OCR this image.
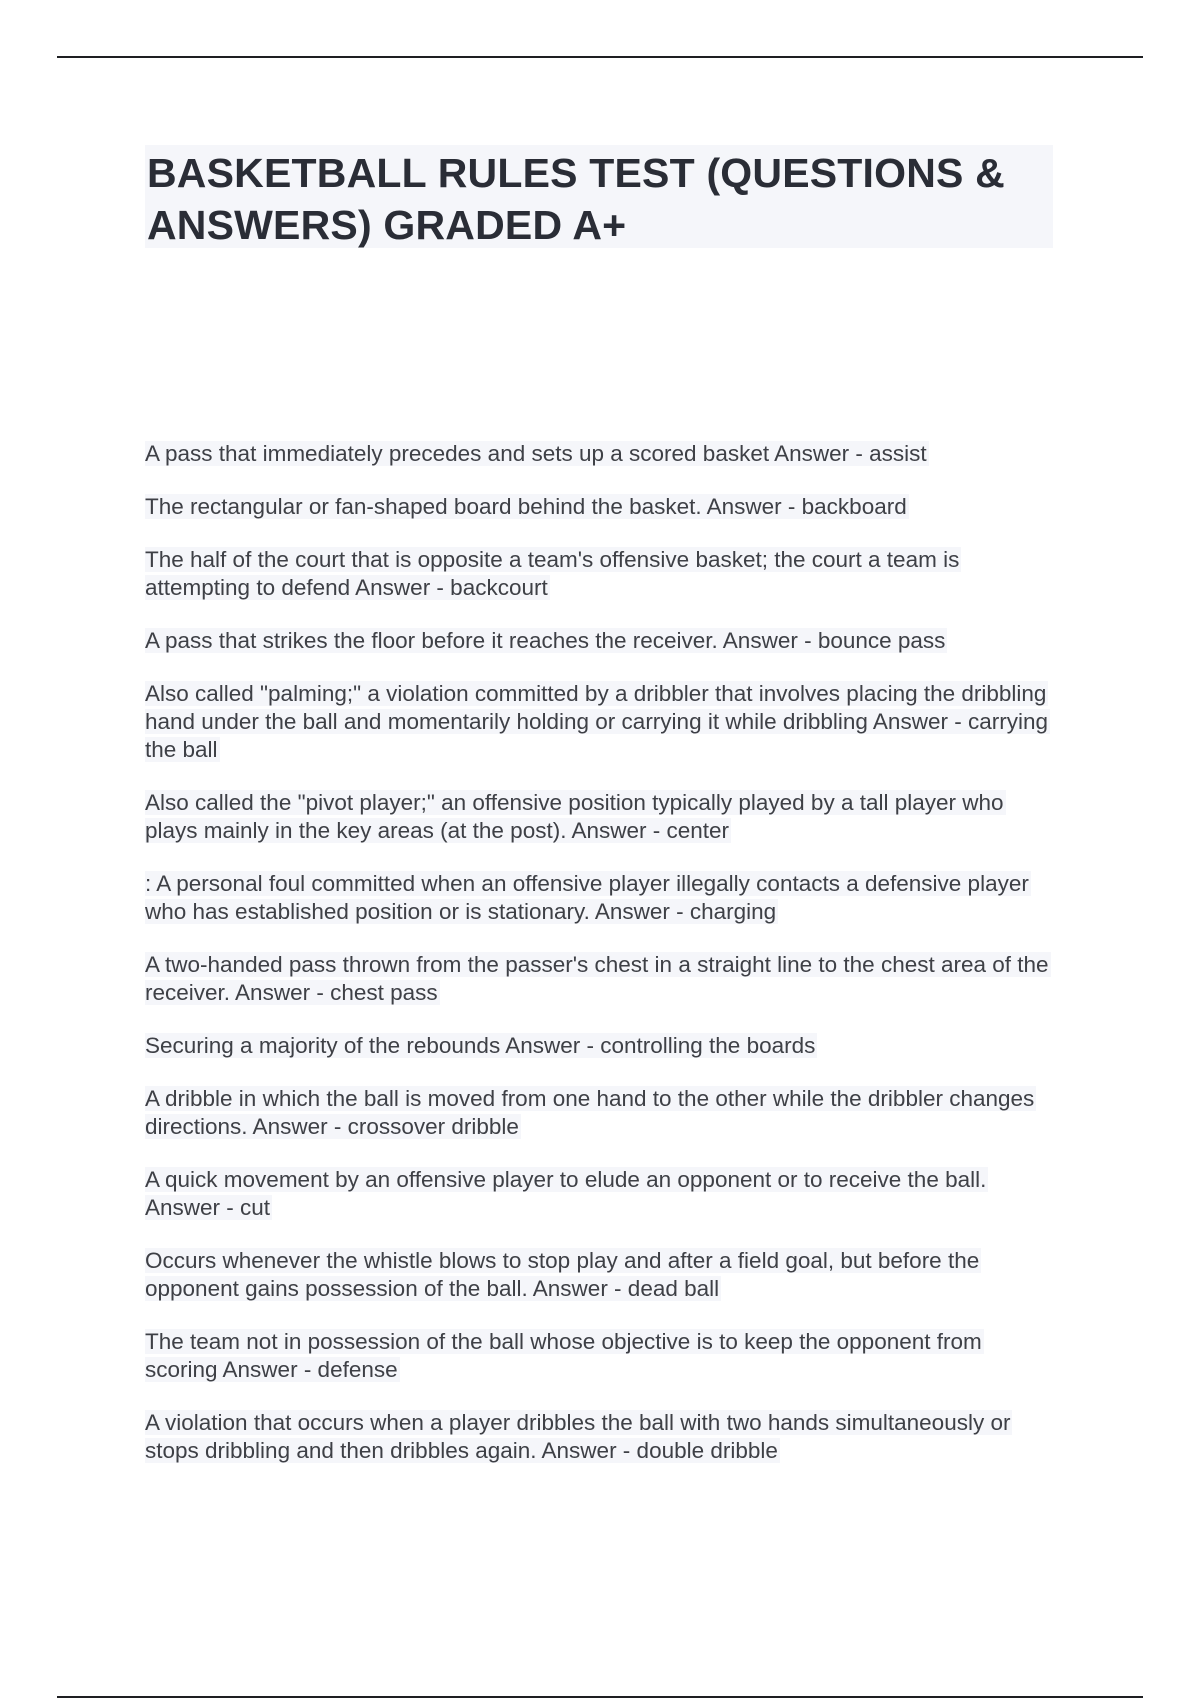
BASKETBALL RULES TEST (QUESTIONS & ANSWERS) GRADED A+
A pass that immediately precedes and sets up a scored basket Answer - assist
The rectangular or fan-shaped board behind the basket. Answer - backboard
The half of the court that is opposite a team's offensive basket; the court a team is attempting to defend Answer - backcourt
A pass that strikes the floor before it reaches the receiver. Answer - bounce pass
Also called "palming;" a violation committed by a dribbler that involves placing the dribbling hand under the ball and momentarily holding or carrying it while dribbling Answer - carrying the ball
Also called the "pivot player;" an offensive position typically played by a tall player who plays mainly in the key areas (at the post). Answer - center
: A personal foul committed when an offensive player illegally contacts a defensive player who has established position or is stationary. Answer - charging
A two-handed pass thrown from the passer's chest in a straight line to the chest area of the receiver. Answer - chest pass
Securing a majority of the rebounds Answer - controlling the boards
A dribble in which the ball is moved from one hand to the other while the dribbler changes directions. Answer - crossover dribble
A quick movement by an offensive player to elude an opponent or to receive the ball. Answer - cut
Occurs whenever the whistle blows to stop play and after a field goal, but before the opponent gains possession of the ball. Answer - dead ball
The team not in possession of the ball whose objective is to keep the opponent from scoring Answer - defense
A violation that occurs when a player dribbles the ball with two hands simultaneously or stops dribbling and then dribbles again. Answer - double dribble
